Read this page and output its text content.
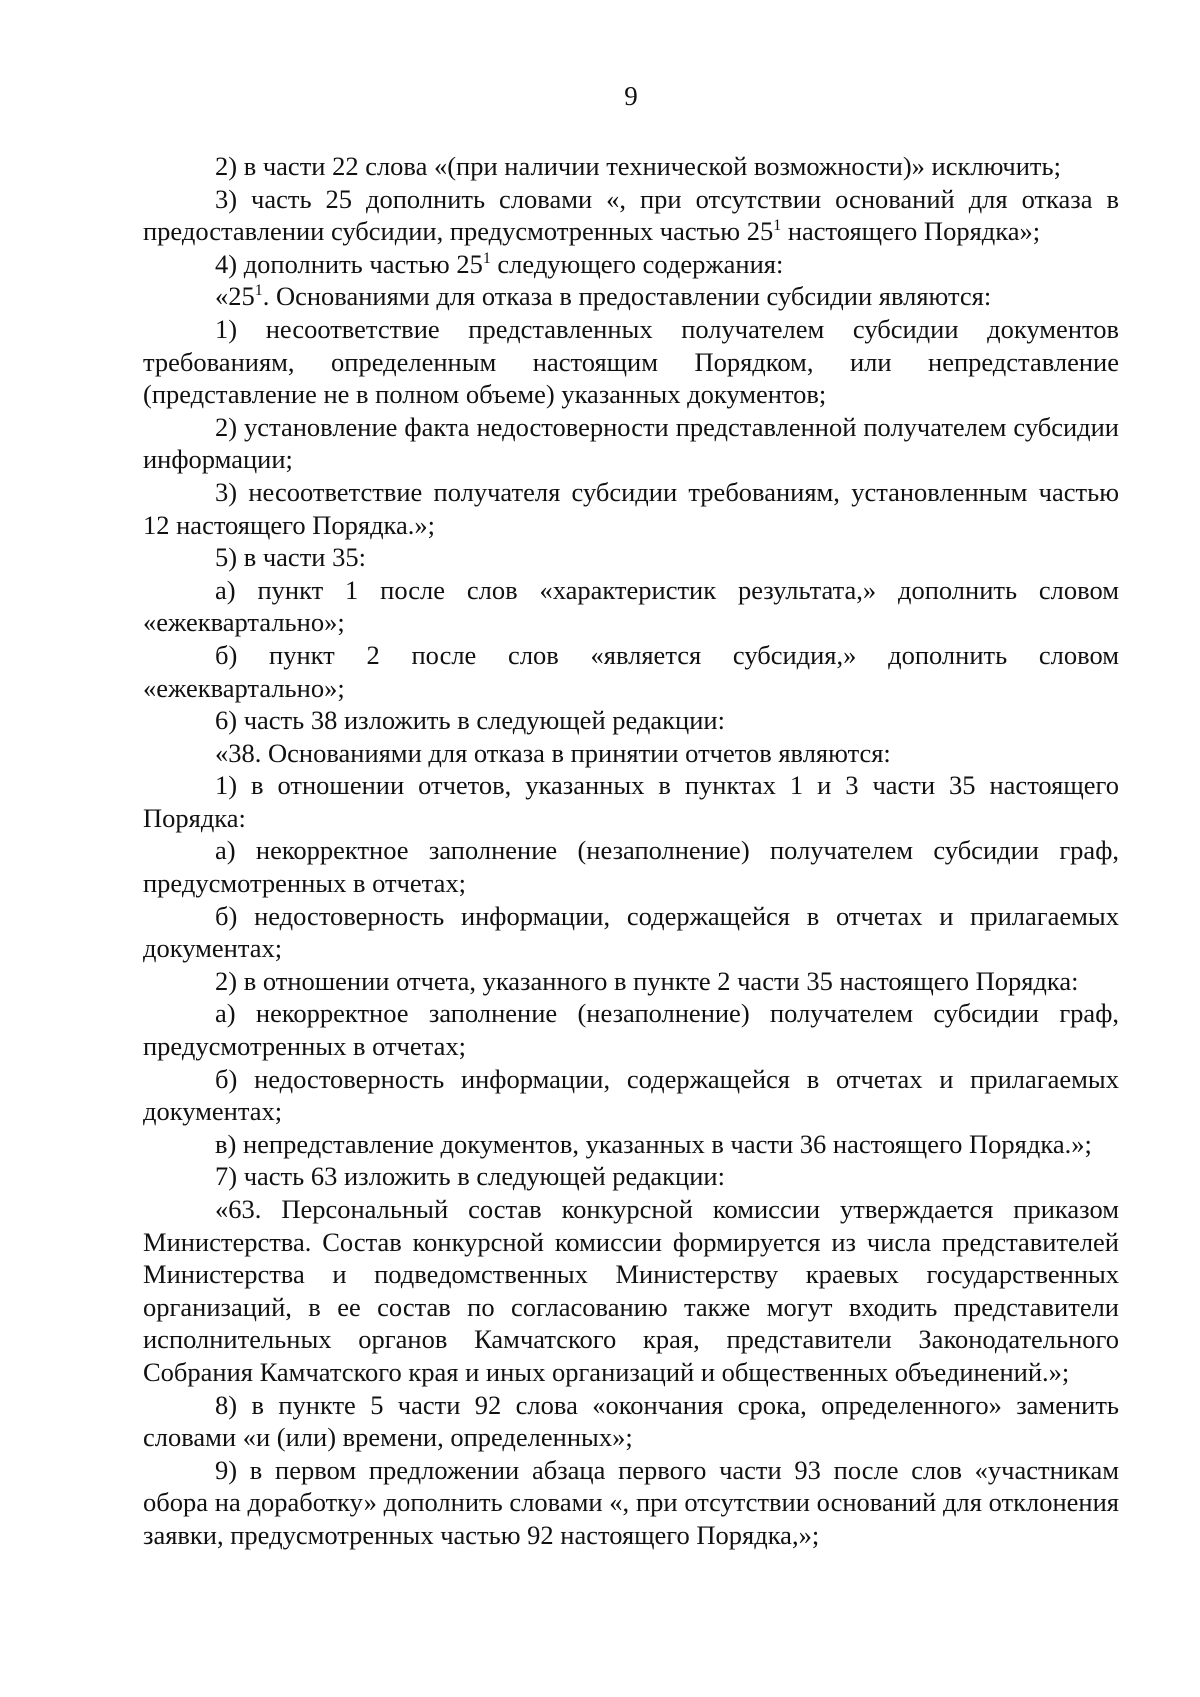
9

2) в части 22 слова «(при наличии технической возможности)» исключить;

3) часть 25 дополнить словами «, при отсутствии оснований для отказа в предоставлении субсидии, предусмотренных частью $25^1$ настоящего Порядка»;

4) дополнить частью $25^1$ следующего содержания:

«$25^1$. Основаниями для отказа в предоставлении субсидии являются:

1) несоответствие представленных получателем субсидии документов требованиям, определенным настоящим Порядком, или непредставление (представление не в полном объеме) указанных документов;

2) установление факта недостоверности представленной получателем субсидии информации;

3) несоответствие получателя субсидии требованиям, установленным частью 12 настоящего Порядка.»;

5) в части 35:

а) пункт 1 после слов «характеристик результата,» дополнить словом «ежеквартально»;

б) пункт 2 после слов «является субсидия,» дополнить словом «ежеквартально»;

6) часть 38 изложить в следующей редакции:

«38. Основаниями для отказа в принятии отчетов являются:

1) в отношении отчетов, указанных в пунктах 1 и 3 части 35 настоящего Порядка:

а) некорректное заполнение (незаполнение) получателем субсидии граф, предусмотренных в отчетах;

б) недостоверность информации, содержащейся в отчетах и прилагаемых документах;

2) в отношении отчета, указанного в пункте 2 части 35 настоящего Порядка:

а) некорректное заполнение (незаполнение) получателем субсидии граф, предусмотренных в отчетах;

б) недостоверность информации, содержащейся в отчетах и прилагаемых документах;

в) непредставление документов, указанных в части 36 настоящего Порядка.»;

7) часть 63 изложить в следующей редакции:

«63. Персональный состав конкурсной комиссии утверждается приказом Министерства. Состав конкурсной комиссии формируется из числа представителей Министерства и подведомственных Министерству краевых государственных организаций, в ее состав по согласованию также могут входить представители исполнительных органов Камчатского края, представители Законодательного Собрания Камчатского края и иных организаций и общественных объединений.»;

8) в пункте 5 части 92 слова «окончания срока, определенного» заменить словами «и (или) времени, определенных»;

9) в первом предложении абзаца первого части 93 после слов «участникам обора на доработку» дополнить словами «, при отсутствии оснований для отклонения заявки, предусмотренных частью 92 настоящего Порядка,»;
